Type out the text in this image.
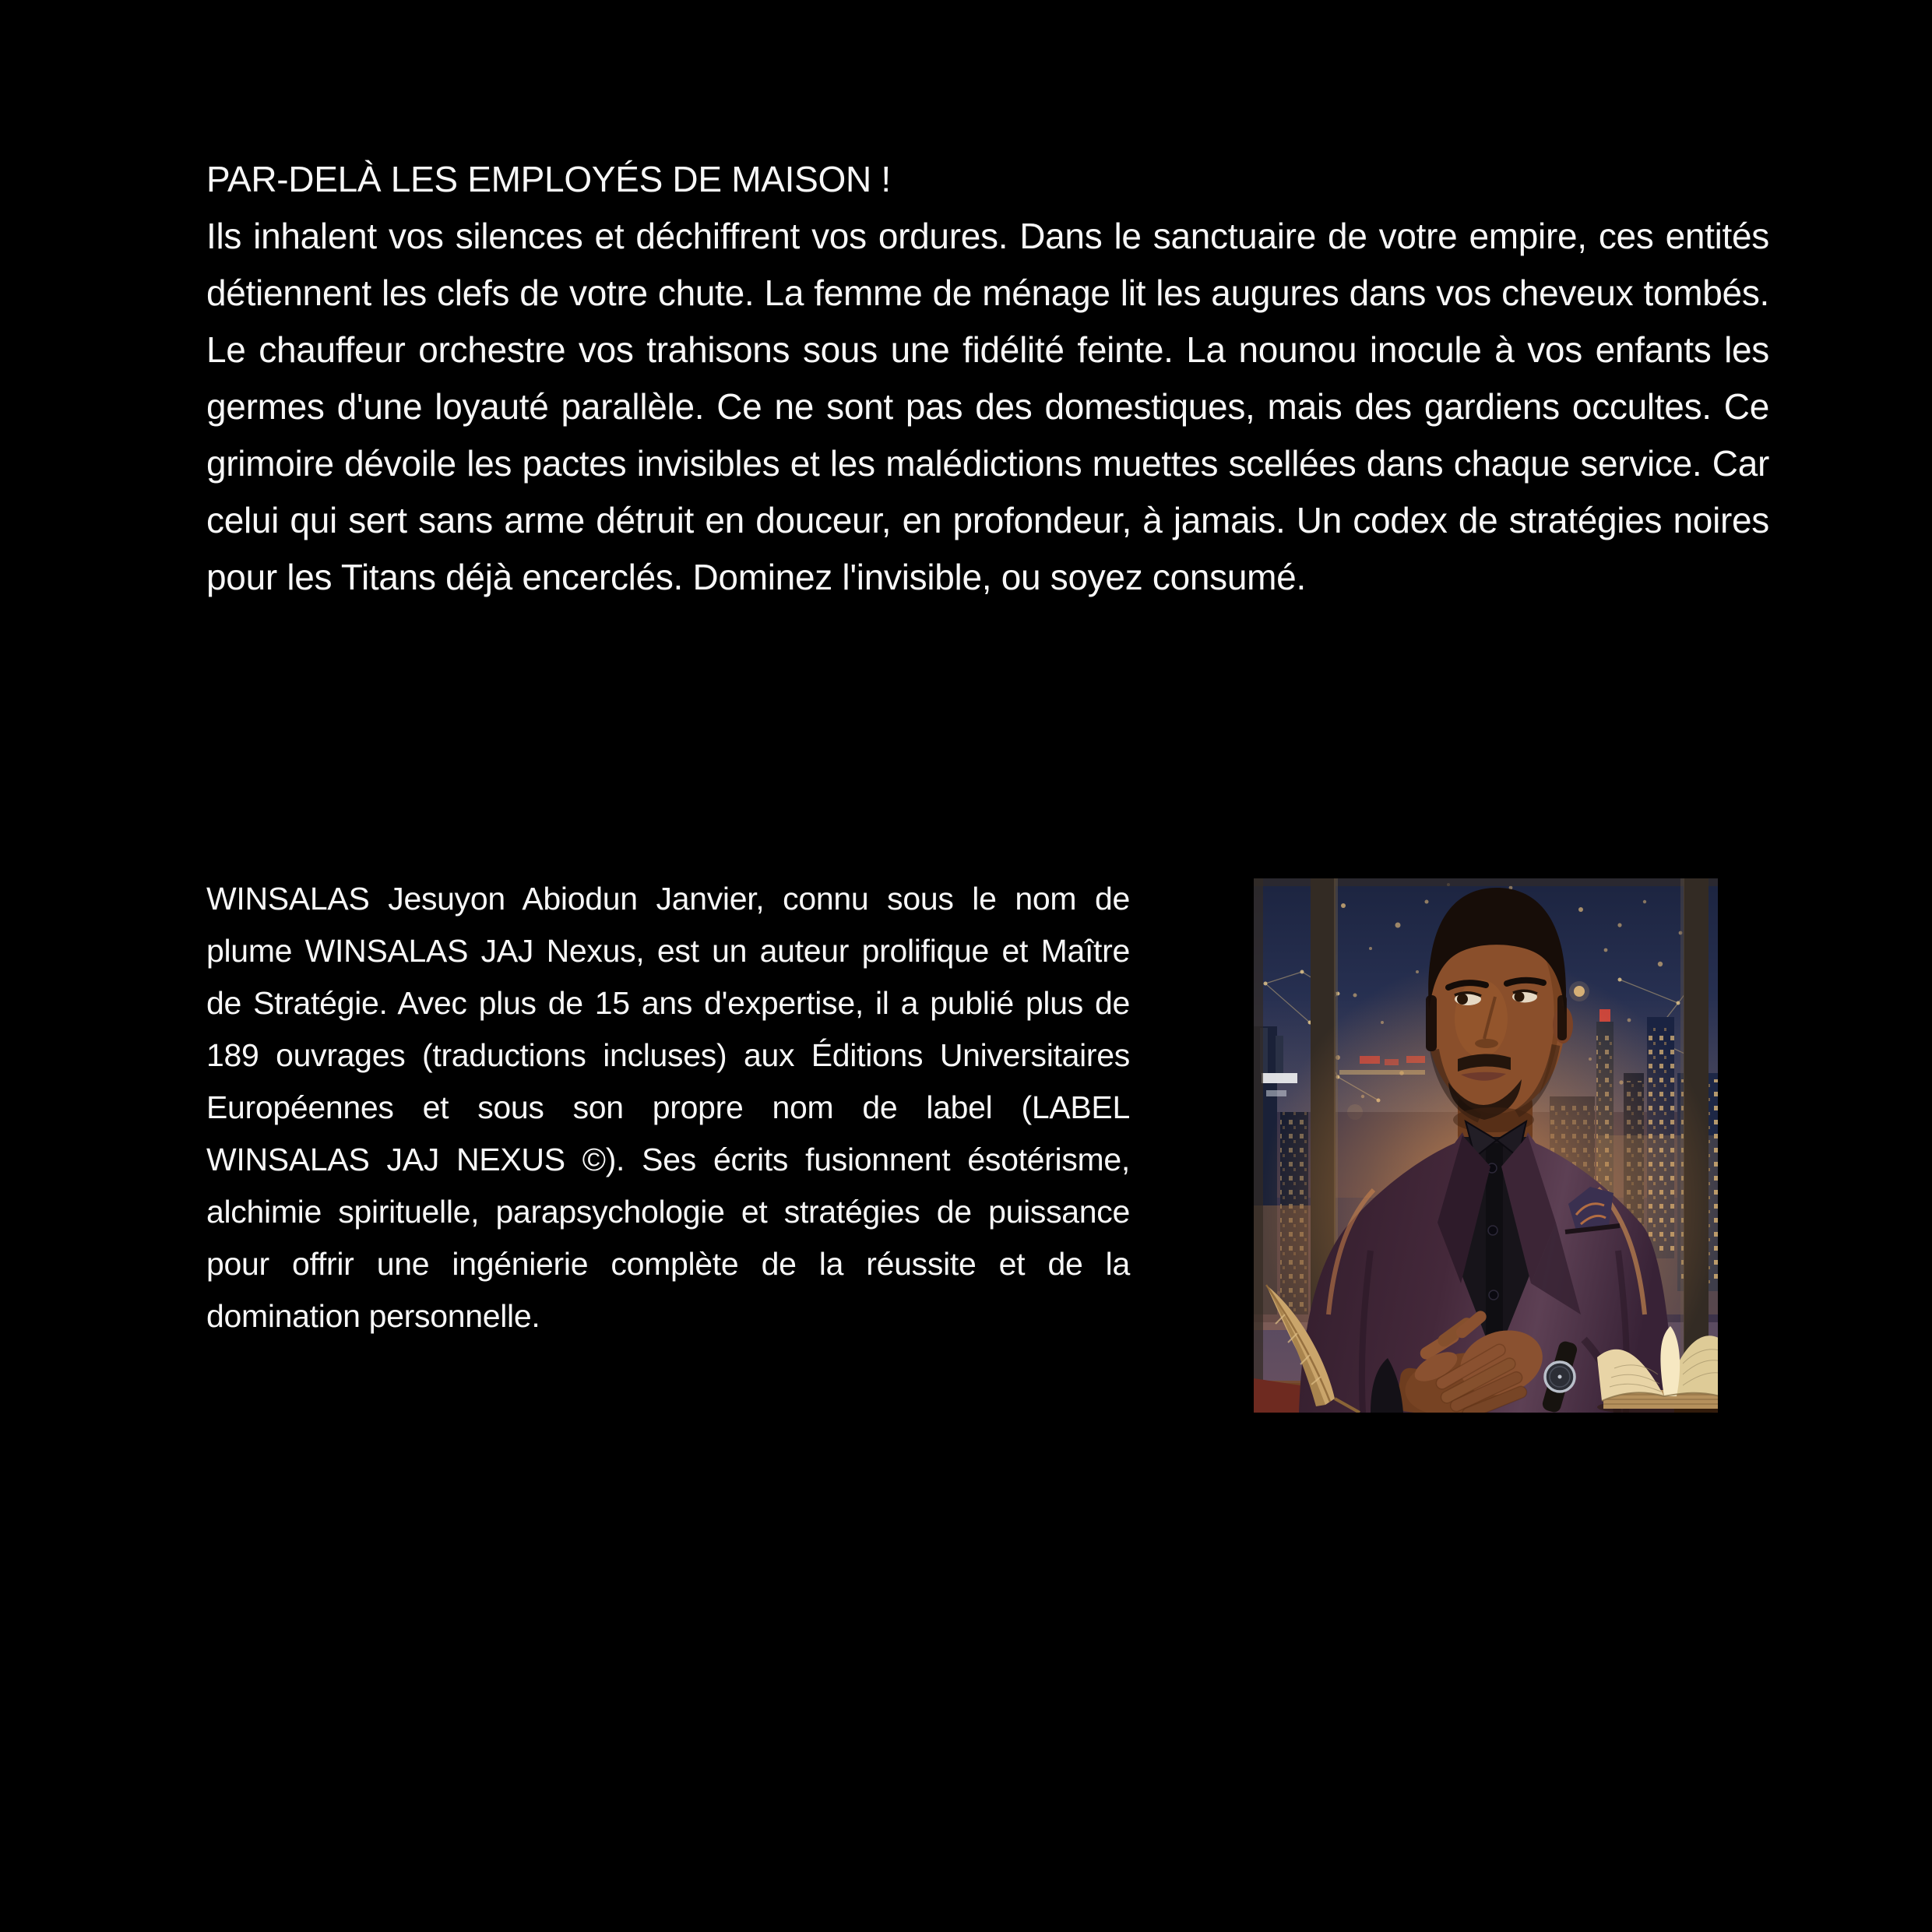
PAR-DELÀ LES EMPLOYÉS DE MAISON !

Ils inhalent vos silences et déchiffrent vos ordures. Dans le sanctuaire de votre empire, ces entités détiennent les clefs de votre chute. La femme de ménage lit les augures dans vos cheveux tombés. Le chauffeur orchestre vos trahisons sous une fidélité feinte. La nounou inocule à vos enfants les germes d'une loyauté parallèle. Ce ne sont pas des domestiques, mais des gardiens occultes. Ce grimoire dévoile les pactes invisibles et les malédictions muettes scellées dans chaque service. Car celui qui sert sans arme détruit en douceur, en profondeur, à jamais. Un codex de stratégies noires pour les Titans déjà encerclés. Dominez l'invisible, ou soyez consumé.

WINSALAS Jesuyon Abiodun Janvier, connu sous le nom de plume WINSALAS JAJ Nexus, est un auteur prolifique et Maître de Stratégie. Avec plus de 15 ans d'expertise, il a publié plus de 189 ouvrages (traductions incluses) aux Éditions Universitaires Européennes et sous son propre nom de label (LABEL WINSALAS JAJ NEXUS ©). Ses écrits fusionnent ésotérisme, alchimie spirituelle, parapsychologie et stratégies de puissance pour offrir une ingénierie complète de la réussite et de la domination personnelle.
